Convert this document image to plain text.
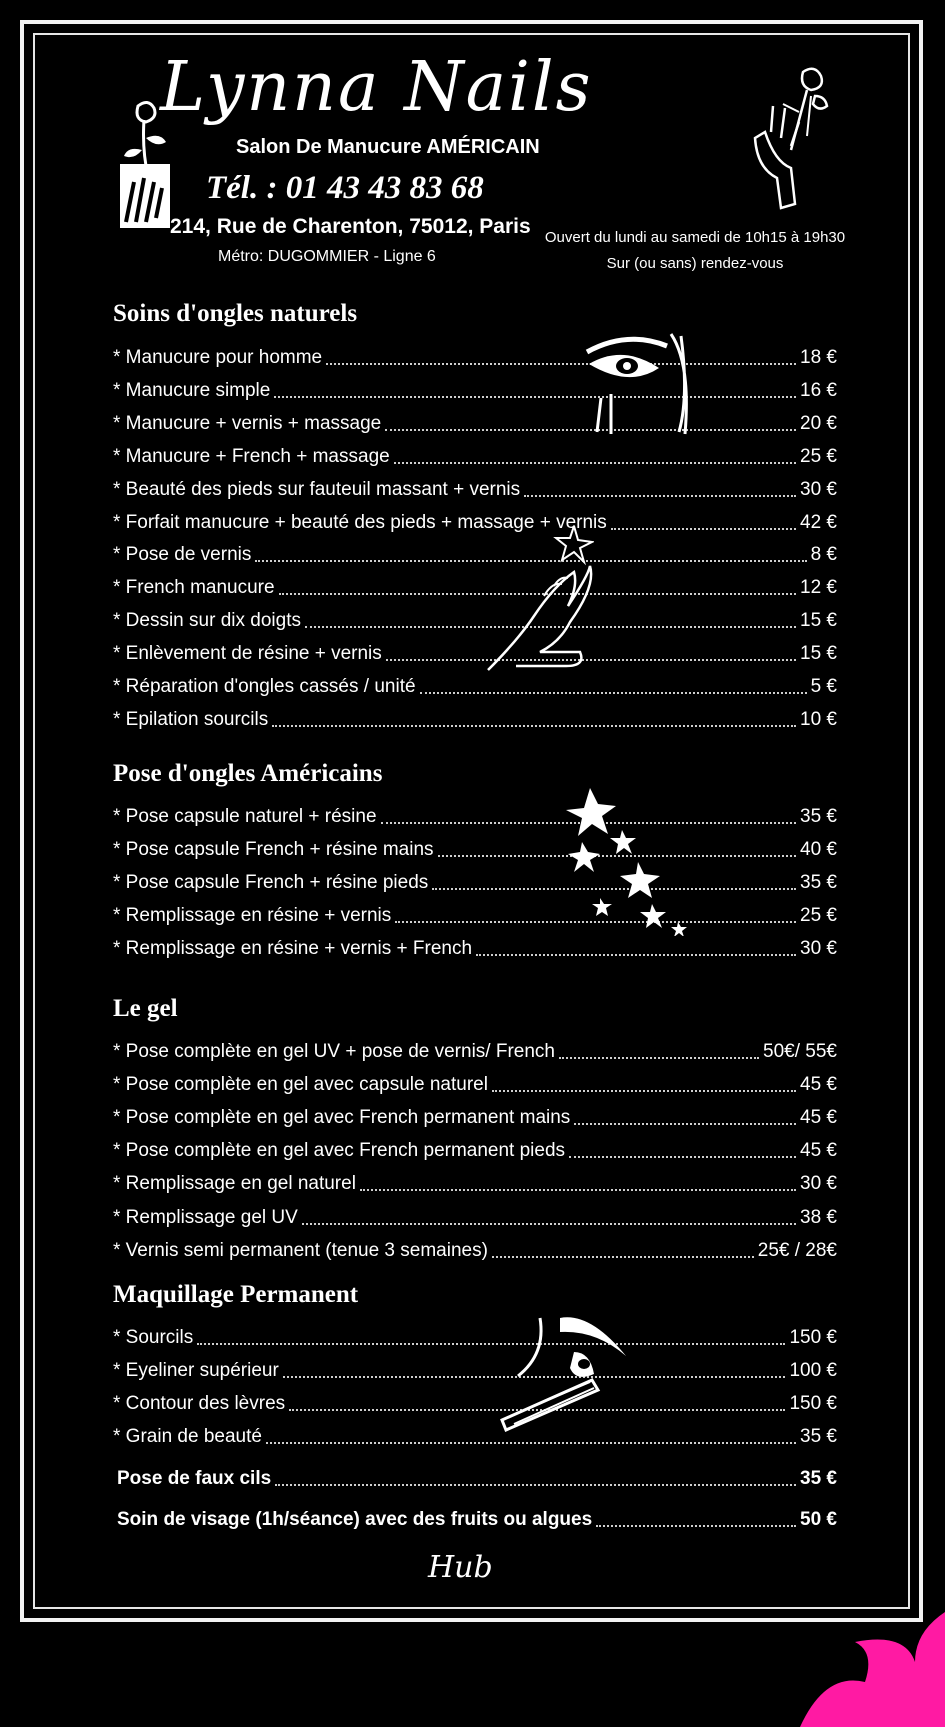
Lynna Nails
Salon De Manucure AMÉRICAIN
Tél. : 01 43 43 83 68
214, Rue de Charenton, 75012, Paris
Métro: DUGOMMIER - Ligne 6
Ouvert du lundi au samedi de 10h15 à 19h30
Sur (ou sans) rendez-vous
Soins d'ongles naturels
Pose d'ongles Américains
Le gel
Maquillage Permanent
* Manucure pour homme	18 €
* Manucure simple	16 €
* Manucure + vernis + massage	20 €
* Manucure + French + massage	25 €
* Beauté des pieds sur fauteuil massant + vernis	30 €
* Forfait manucure + beauté des pieds + massage + vernis	42 €
* Pose de vernis	8 €
* French manucure	12 €
* Dessin sur dix doigts	15 €
* Enlèvement de résine + vernis	15 €
* Réparation d'ongles cassés / unité	5 €
* Epilation sourcils	10 €
* Pose capsule naturel + résine	35 €
* Pose capsule French + résine mains	40 €
* Pose capsule French + résine pieds	35 €
* Remplissage en résine + vernis	25 €
* Remplissage en résine + vernis + French	30 €
* Pose complète en gel UV + pose de vernis/ French	50€/ 55€
* Pose complète en gel avec capsule naturel	45 €
* Pose complète en gel avec French permanent mains	45 €
* Pose complète en gel avec French permanent pieds	45 €
* Remplissage en gel naturel	30 €
* Remplissage gel UV	38 €
* Vernis semi permanent (tenue 3 semaines)	25€ / 28€
* Sourcils	150 €
* Eyeliner supérieur	100 €
* Contour des lèvres	150 €
* Grain de beauté	35 €
Pose de faux cils	35 €
Soin de visage (1h/séance) avec des fruits ou algues	50 €
Hub
